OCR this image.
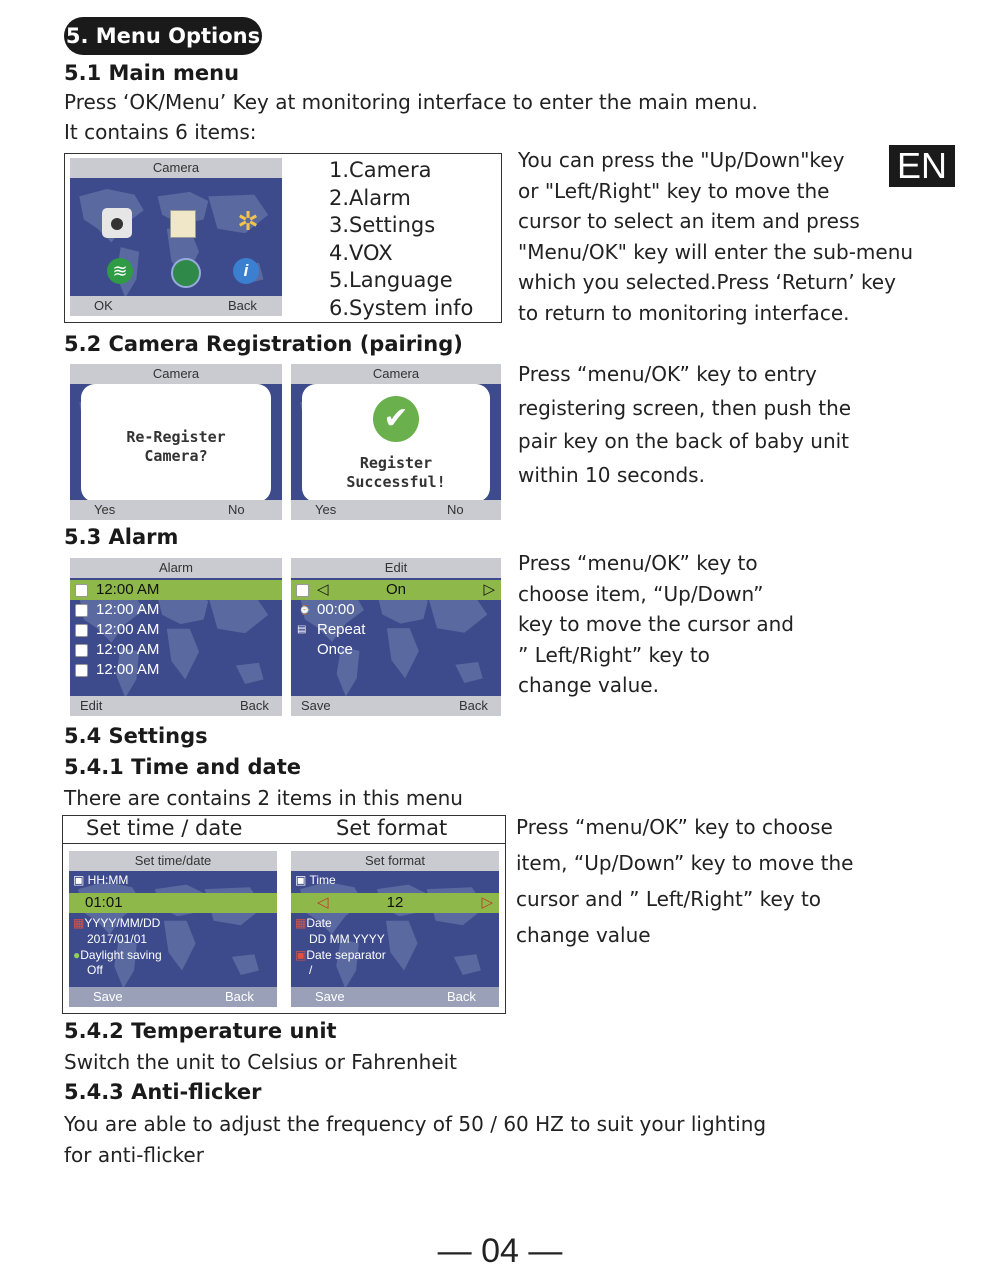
5. Menu Options
EN
5.1 Main menu
Press ‘OK/Menu’ Key at monitoring interface to enter the main menu.
It contains 6 items:
Camera
✲
≋	i
OK	Back
1.Camera
2.Alarm
3.Settings
4.VOX
5.Language
6.System info
You can press the "Up/Down"key
or "Left/Right" key to move the
cursor to select an item and press
"Menu/OK" key will enter the sub-menu
which you selected.Press ‘Return’ key
to return to monitoring interface.
5.2 Camera Registration (pairing)
Camera
Re-Register
Camera?
Yes	No
Camera
✔
Register
Successful!
Yes	No
Press “menu/OK” key to entry
registering screen, then push the
pair key on the back of baby unit
within 10 seconds.
5.3 Alarm
Alarm
12:00 AM
12:00 AM
12:00 AM
12:00 AM
12:00 AM
Edit	Back
Edit
◁	On	▷
⌚ 00:00
▤ Repeat
Once
Save	Back
Press “menu/OK” key to
choose item, “Up/Down”
key to move the cursor and
” Left/Right” key to
change value.
5.4 Settings
5.4.1 Time and date
There are contains 2 items in this menu
Set time / date	Set format
Set time/date
▣ HH:MM
01:01
▦YYYY/MM/DD
2017/01/01
●Daylight saving
Off
Save	Back
Set format
▣ Time
◁	12	▷
▦Date
DD MM YYYY
▣Date separator
/
Save	Back
Press “menu/OK” key to choose
item, “Up/Down” key to move the
cursor and ” Left/Right” key to
change value
5.4.2 Temperature unit
Switch the unit to Celsius or Fahrenheit
5.4.3 Anti-flicker
You are able to adjust the frequency of 50 / 60 HZ to suit your lighting
for anti-flicker
— 04 —
